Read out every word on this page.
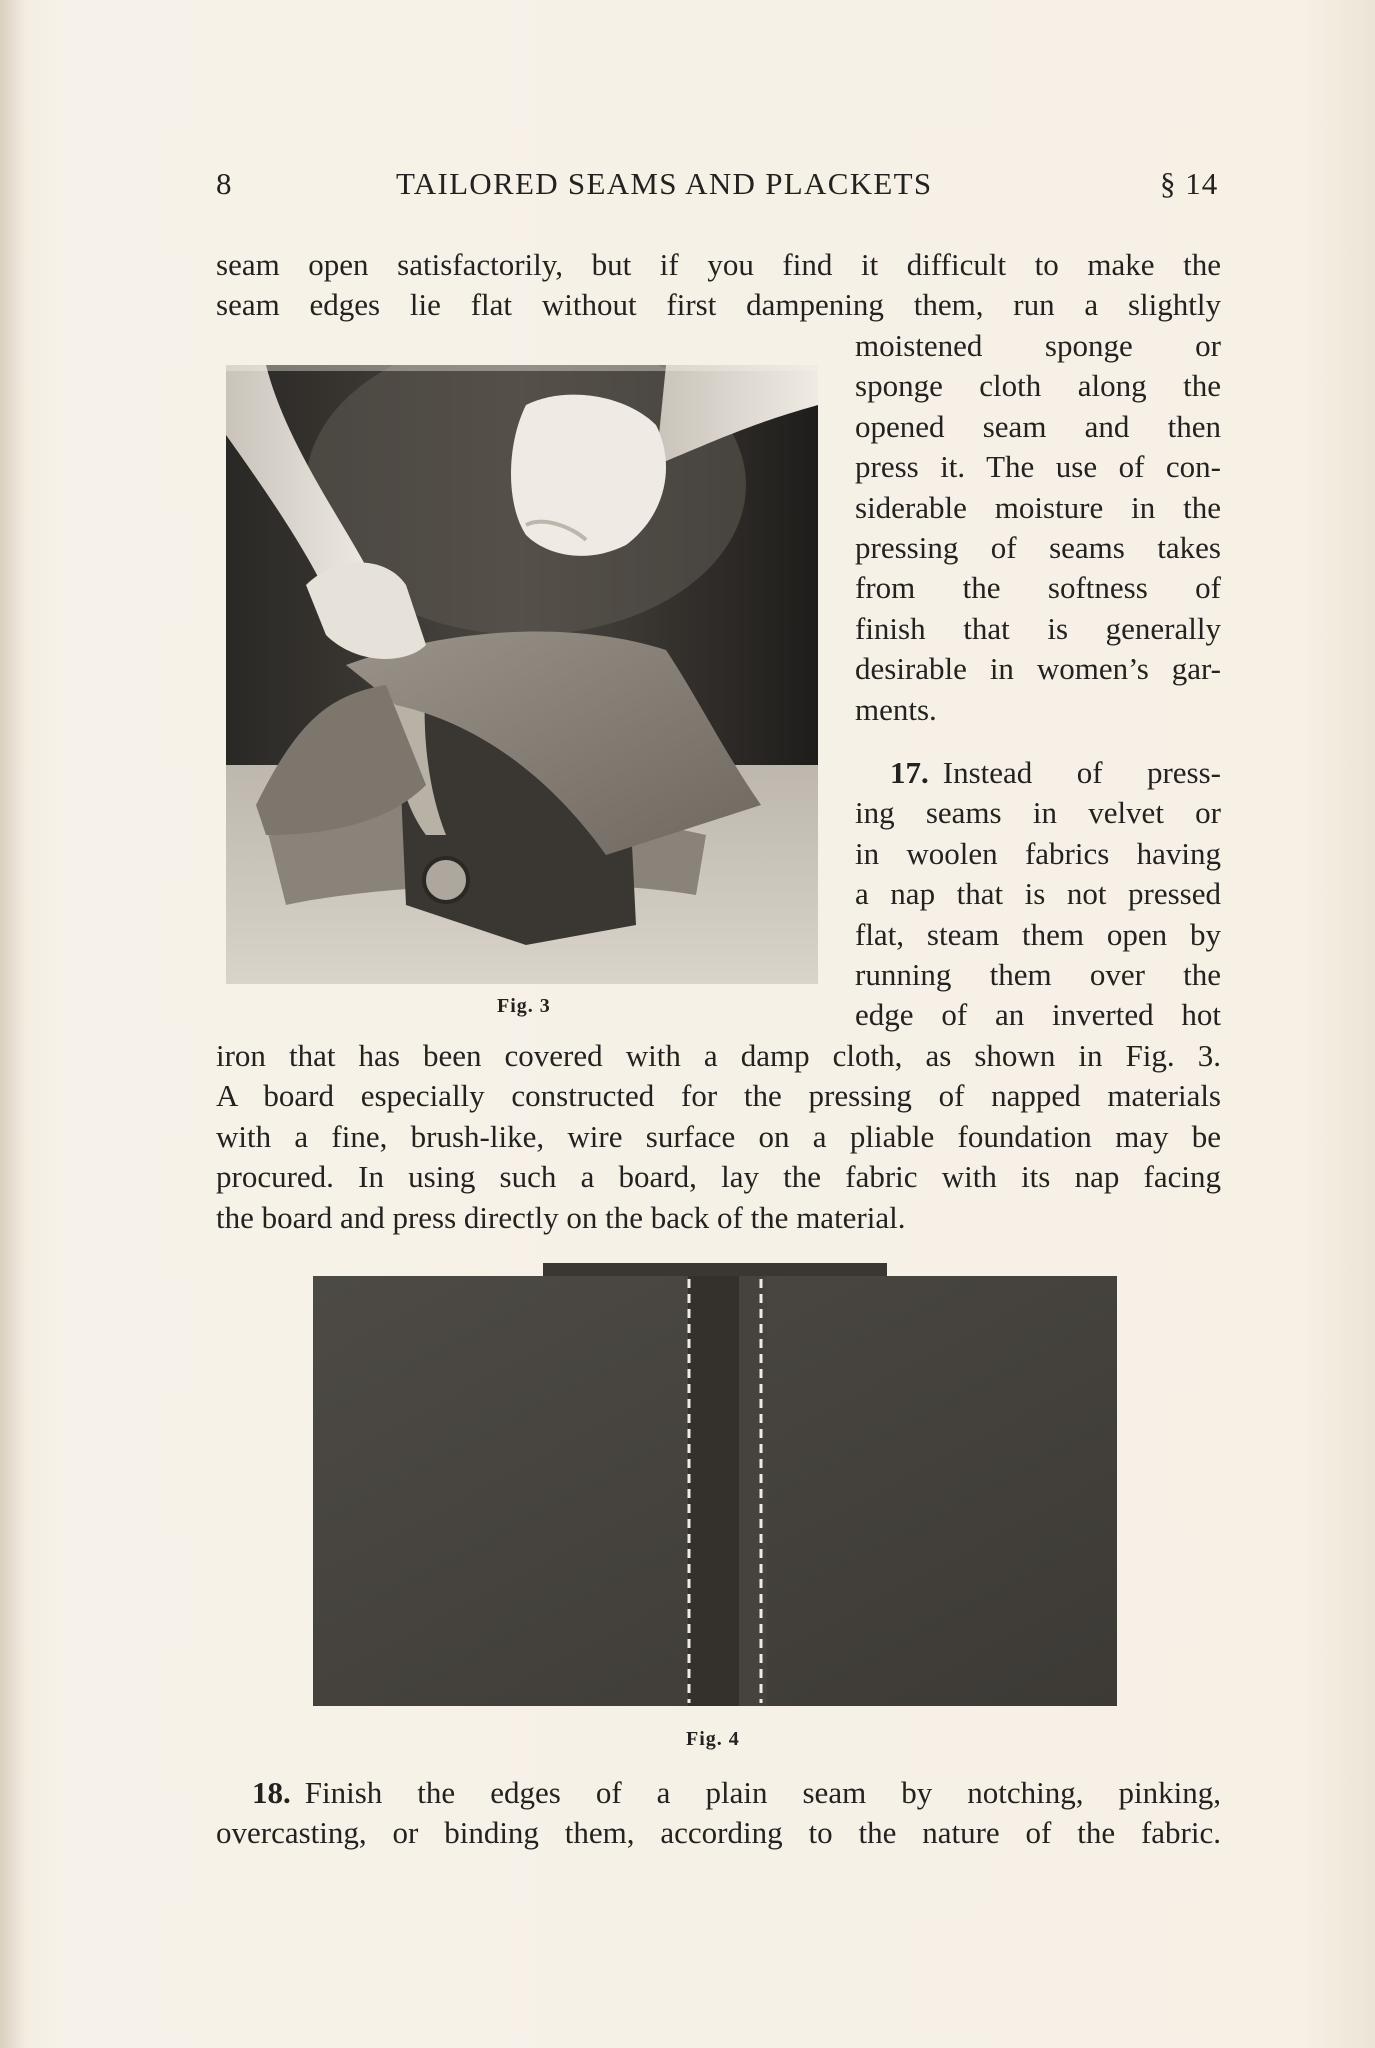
8	TAILORED SEAMS AND PLACKETS	§ 14
seam open satisfactorily, but if you find it difficult to make the
seam edges lie flat without first dampening them, run a slightly
moistened sponge or
sponge cloth along the
opened seam and then
press it. The use of con-
siderable moisture in the
pressing of seams takes
from the softness of
finish that is generally
desirable in women’s gar-
ments.
17. Instead of press-
ing seams in velvet or
in woolen fabrics having
a nap that is not pressed
flat, steam them open by
running them over the
edge of an inverted hot
iron that has been covered with a damp cloth, as shown in Fig. 3.
A board especially constructed for the pressing of napped materials
with a fine, brush-like, wire surface on a pliable foundation may be
procured. In using such a board, lay the fabric with its nap facing
the board and press directly on the back of the material.
Fig. 3
Fig. 4
18. Finish the edges of a plain seam by notching, pinking,
overcasting, or binding them, according to the nature of the fabric.
